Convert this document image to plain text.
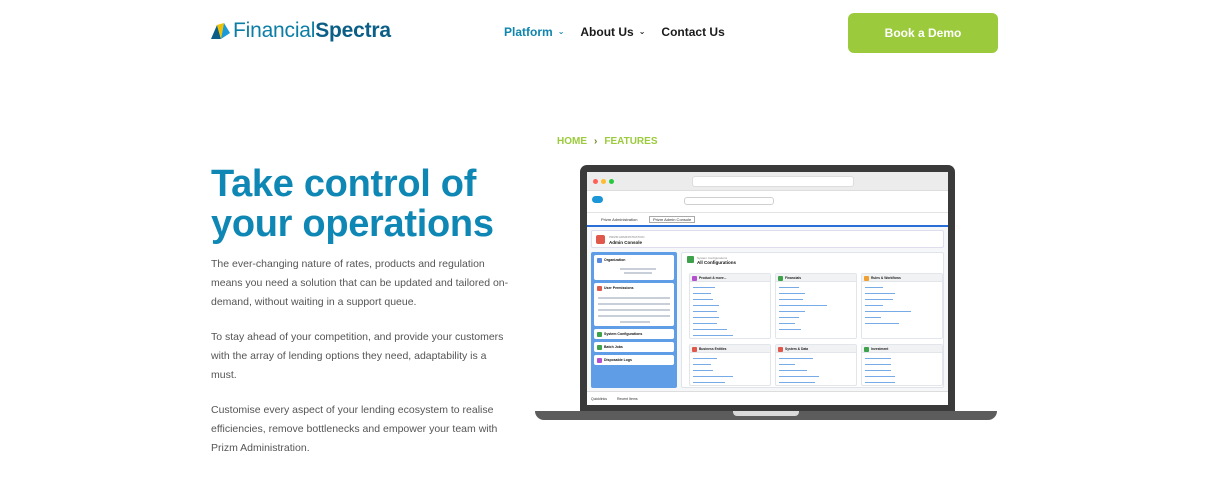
FinancialSpectra	Platform ⌄ About Us ⌄ Contact Us	Book a Demo
HOME › FEATURES
Take control of your operations

The ever-changing nature of rates, products and regulation means you need a solution that can be updated and tailored on-demand, without waiting in a support queue.

To stay ahead of your competition, and provide your customers with the array of lending options they need, adaptability is a must.

Customise every aspect of your lending ecosystem to realise efficiencies, remove bottlenecks and empower your team with Prizm Administration.

Prizm Administration	Prizm Admin Console
PRIZM ADMINISTRATION
Admin Console
Organization
User Permissions
System Configurations
Batch Jobs
Disposable Logs
System Configurations
All Configurations
Product & more...	Financials	Rules & Workflows
Business Entities	System & Data	Investment
Quicklinks	Recent Items
